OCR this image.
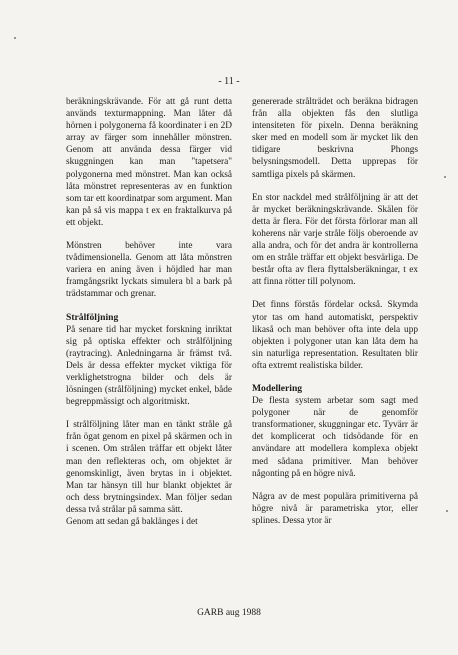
- 11 -

beräkningskrävande. För att gå runt detta används texturmappning. Man låter då hörnen i polygonerna få koordinater i en 2D array av färger som innehåller mönstren. Genom att använda dessa färger vid skuggningen kan man "tapetsera" polygonerna med mönstret. Man kan också låta mönstret representeras av en funktion som tar ett koordinatpar som argument. Man kan på så vis mappa t ex en fraktalkurva på ett objekt.

Mönstren behöver inte vara tvådimensionella. Genom att låta mönstren variera en aning även i höjdled har man framgångsrikt lyckats simulera bl a bark på trädstammar och grenar.

Strålföljning

På senare tid har mycket forskning inriktat sig på optiska effekter och strålföljning (raytracing). Anledningarna är främst två. Dels är dessa effekter mycket viktiga för verklighetstrogna bilder och dels är lösningen (strålföljning) mycket enkel, både begreppmässigt och algoritmiskt.

I strålföljning låter man en tänkt stråle gå från ögat genom en pixel på skärmen och in i scenen. Om strålen träffar ett objekt låter man den reflekteras och, om objektet är genomskinligt, även brytas in i objektet. Man tar hänsyn till hur blankt objektet är och dess brytningsindex. Man följer sedan dessa två strålar på samma sätt.

Genom att sedan gå baklänges i det

genererade strålträdet och beräkna bidragen från alla objekten fås den slutliga intensiteten för pixeln. Denna beräkning sker med en modell som är mycket lik den tidigare beskrivna Phongs belysningsmodell. Detta upprepas för samtliga pixels på skärmen.

En stor nackdel med strålföljning är att det är mycket beräkningskrävande. Skälen för detta är flera. För det första förlorar man all koherens när varje stråle följs oberoende av alla andra, och för det andra är kontrollerna om en stråle träffar ett objekt besvärliga. De består ofta av flera flyttalsberäkningar, t ex att finna rötter till polynom.

Det finns förstås fördelar också. Skymda ytor tas om hand automatiskt, perspektiv likaså och man behöver ofta inte dela upp objekten i polygoner utan kan låta dem ha sin naturliga representation. Resultaten blir ofta extremt realistiska bilder.

Modellering

De flesta system arbetar som sagt med polygoner när de genomför transformationer, skuggningar etc. Tyvärr är det komplicerat och tidsödande för en användare att modellera komplexa objekt med sådana primitiver. Man behöver någonting på en högre nivå.

Några av de mest populära primitiverna på högre nivå är parametriska ytor, eller splines. Dessa ytor är

GARB aug 1988
